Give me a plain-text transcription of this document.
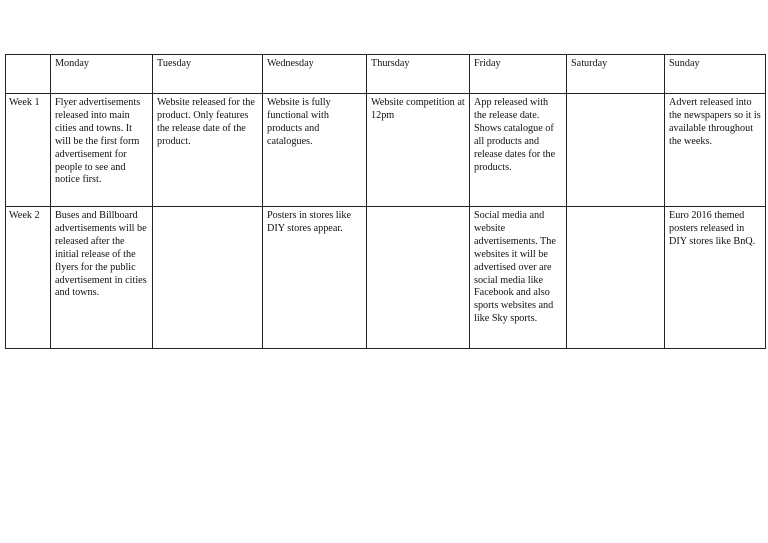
	Monday	Tuesday	Wednesday	Thursday	Friday	Saturday	Sunday
Week 1	Flyer advertisements released into main cities and towns. It will be the first form advertisement for people to see and notice first.	Website released for the product. Only features the release date of the product.	Website is fully functional with products and catalogues.	Website competition at 12pm	App released with the release date. Shows catalogue of all products and release dates for the products.		Advert released into the newspapers so it is available throughout the weeks.
Week 2	Buses and Billboard advertisements will be released after the initial release of the flyers for the public advertisement in cities and towns.		Posters in stores like DIY stores appear.		Social media and website advertisements. The websites it will be advertised over are social media like Facebook and also sports websites and like Sky sports.		Euro 2016 themed posters released in DIY stores like BnQ.
